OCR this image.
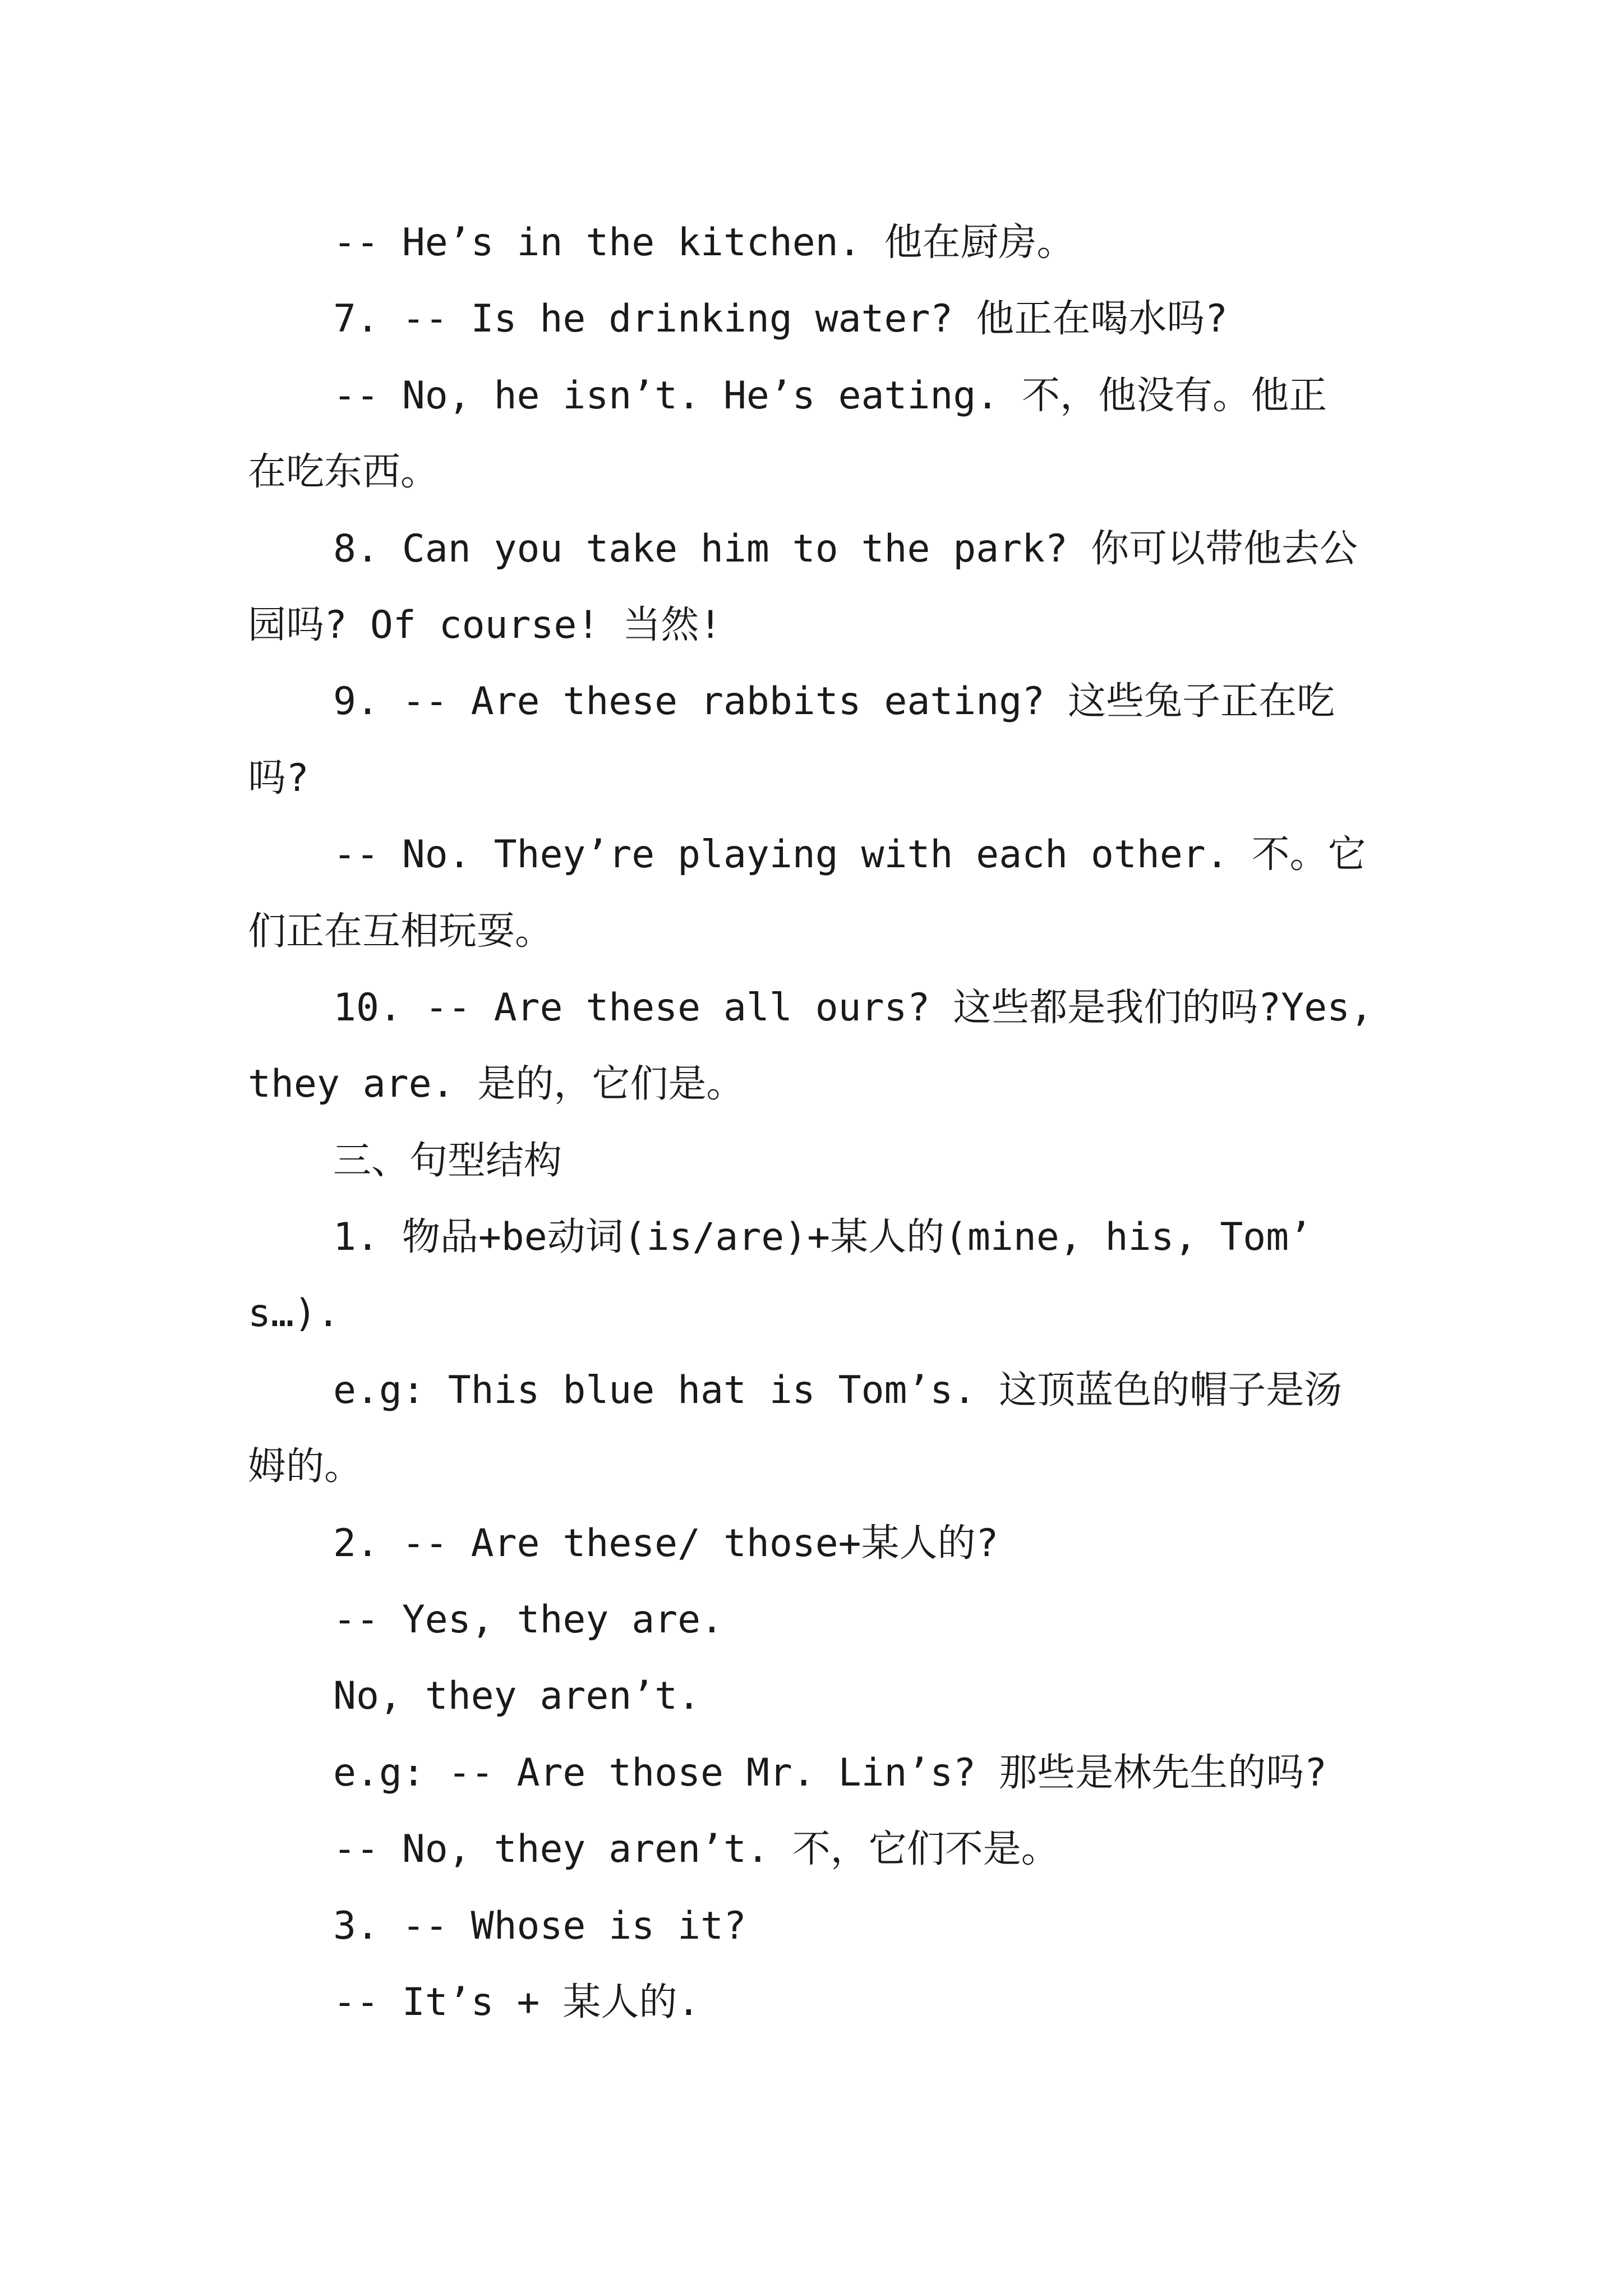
-- He’s in the kitchen. 他在厨房。
7. -- Is he drinking water? 他正在喝水吗?
-- No, he isn’t. He’s eating. 不，他没有。他正
在吃东西。
8. Can you take him to the park? 你可以带他去公
园吗? Of course! 当然!
9. -- Are these rabbits eating? 这些兔子正在吃
吗?
-- No. They’re playing with each other. 不。它
们正在互相玩耍。
10. -- Are these all ours? 这些都是我们的吗?Yes,
they are. 是的，它们是。
三、句型结构
1. 物品+be动词(is/are)+某人的(mine, his, Tom’
s…).
e.g: This blue hat is Tom’s. 这顶蓝色的帽子是汤
姆的。
2. -- Are these/ those+某人的?
-- Yes, they are.
No, they aren’t.
e.g: -- Are those Mr. Lin’s? 那些是林先生的吗?
-- No, they aren’t. 不，它们不是。
3. -- Whose is it?
-- It’s + 某人的.
